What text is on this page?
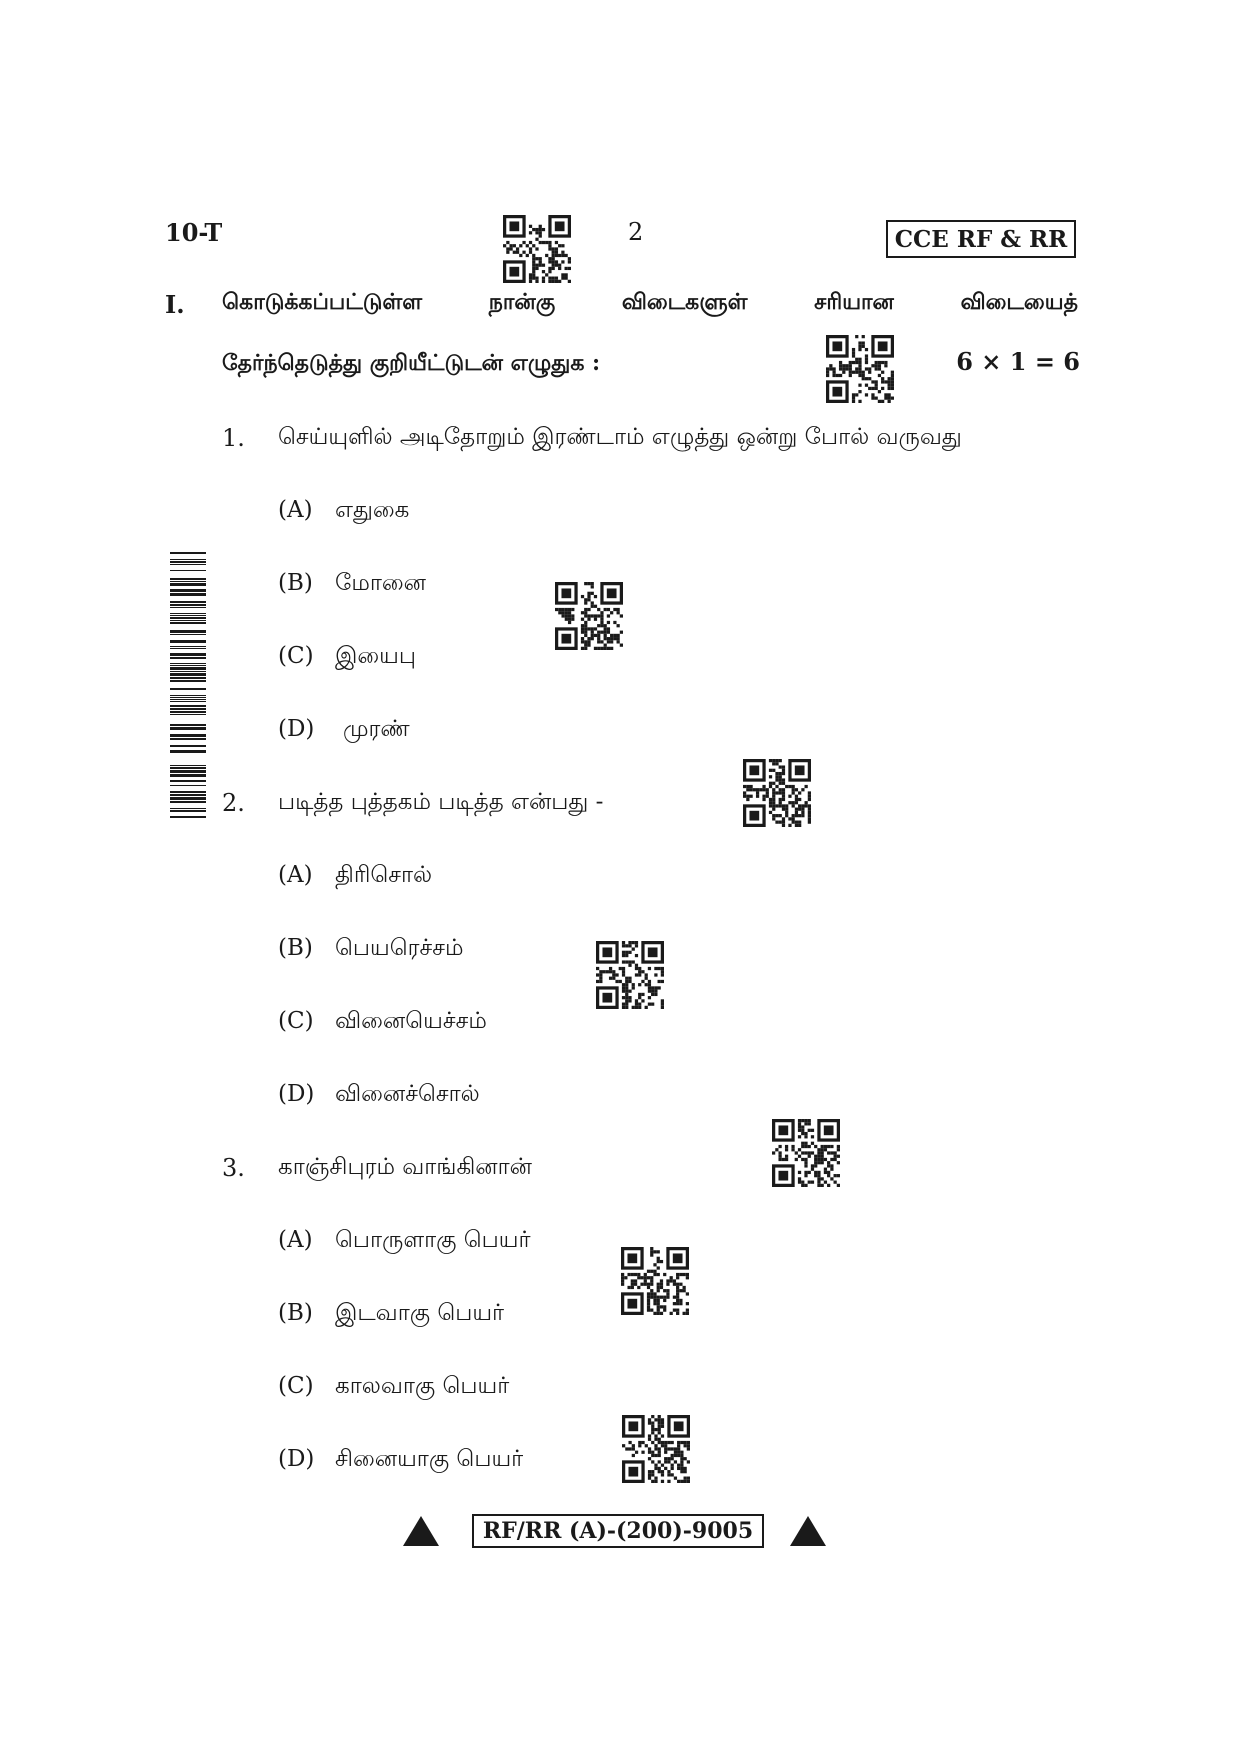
10-T	2	CCE RF & RR
I. கொடுக்கப்பட்டுள்ள	நான்கு	விடைகளுள்	சரியான	விடையைத்
தேர்ந்தெடுத்து குறியீட்டுடன் எழுதுக :	6 × 1 = 6
1. செய்யுளில் அடிதோறும் இரண்டாம் எழுத்து ஒன்று போல் வருவது
(A) எதுகை
(B) மோனை
(C) இயைபு
(D) முரண்
2. படித்த புத்தகம் படித்த என்பது -
(A) திரிசொல்
(B) பெயரெச்சம்
(C) வினையெச்சம்
(D) வினைச்சொல்
3. காஞ்சிபுரம் வாங்கினான்
(A) பொருளாகு பெயர்
(B) இடவாகு பெயர்
(C) காலவாகு பெயர்
(D) சினையாகு பெயர்
RF/RR (A)-(200)-9005
